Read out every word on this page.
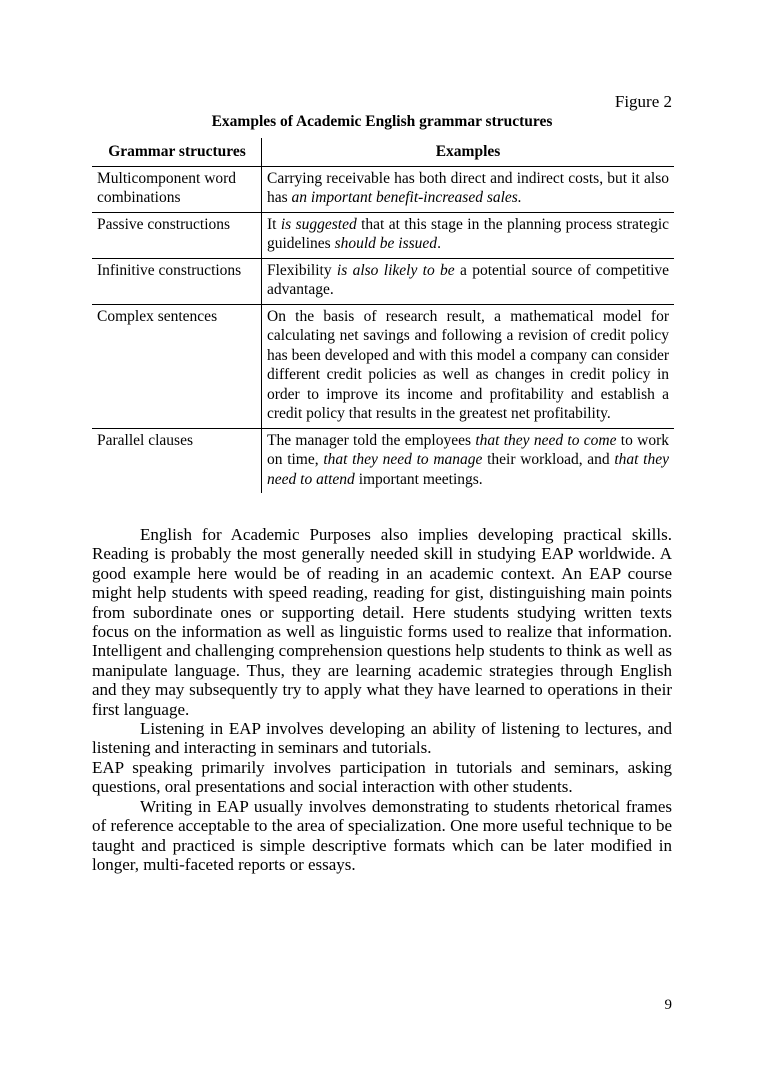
Figure 2
Examples of Academic English grammar structures
Grammar structures	Examples
Multicomponent word combinations	Carrying receivable has both direct and indirect costs, but it also has an important benefit-increased sales.
Passive constructions	It is suggested that at this stage in the planning process strategic guidelines should be issued.
Infinitive constructions	Flexibility is also likely to be a potential source of competitive advantage.
Complex sentences	On the basis of research result, a mathematical model for calculating net savings and following a revision of credit policy has been developed and with this model a company can consider different credit policies as well as changes in credit policy in order to improve its income and profitability and establish a credit policy that results in the greatest net profitability.
Parallel clauses	The manager told the employees that they need to come to work on time, that they need to manage their workload, and that they need to attend important meetings.

English for Academic Purposes also implies developing practical skills. Reading is probably the most generally needed skill in studying EAP worldwide. A good example here would be of reading in an academic context. An EAP course might help students with speed reading, reading for gist, distinguishing main points from subordinate ones or supporting detail. Here students studying written texts focus on the information as well as linguistic forms used to realize that information. Intelligent and challenging comprehension questions help students to think as well as manipulate language. Thus, they are learning academic strategies through English and they may subsequently try to apply what they have learned to operations in their first language.

Listening in EAP involves developing an ability of listening to lectures, and listening and interacting in seminars and tutorials.

EAP speaking primarily involves participation in tutorials and seminars, asking questions, oral presentations and social interaction with other students.

Writing in EAP usually involves demonstrating to students rhetorical frames of reference acceptable to the area of specialization. One more useful technique to be taught and practiced is simple descriptive formats which can be later modified in longer, multi-faceted reports or essays.

9
